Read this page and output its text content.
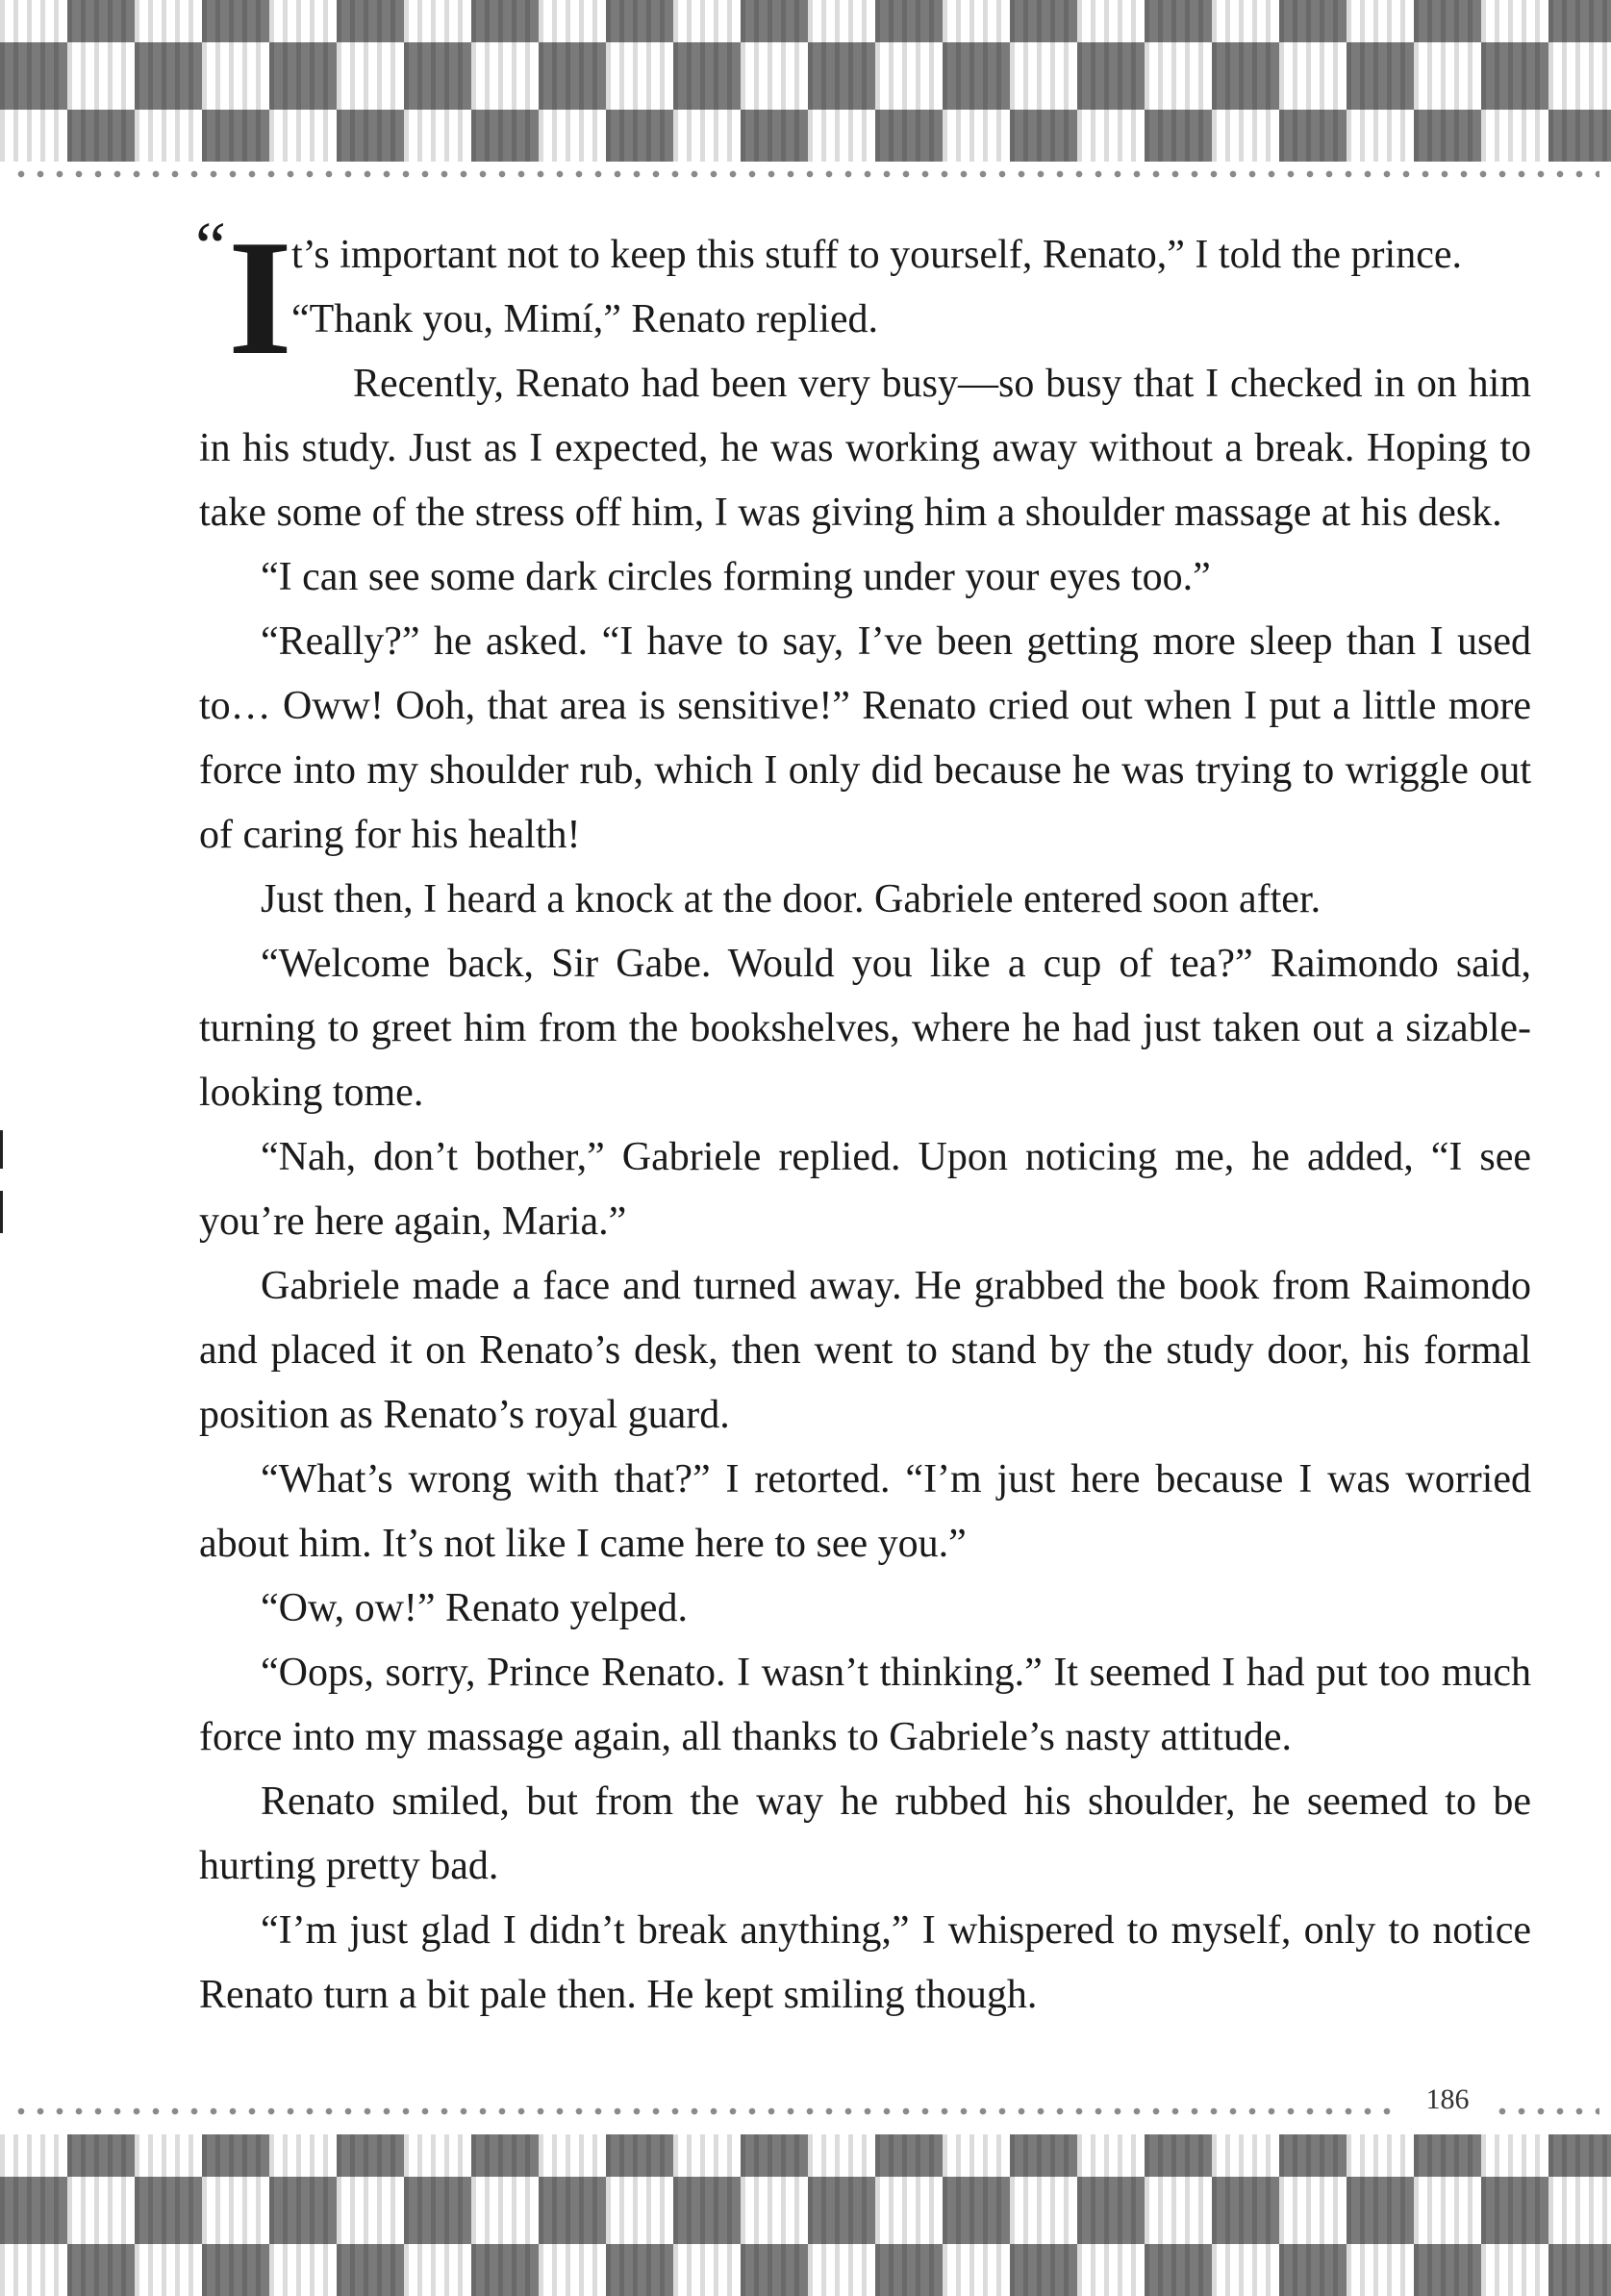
“ I t’s important not to keep this stuff to yourself, Renato,” I told the prince.

“Thank you, Mimí,” Renato replied.

Recently, Renato had been very busy—so busy that I checked in on him in his study. Just as I expected, he was working away without a break. Hoping to take some of the stress off him, I was giving him a shoulder massage at his desk.

“I can see some dark circles forming under your eyes too.”

“Really?” he asked. “I have to say, I’ve been getting more sleep than I used to… Oww! Ooh, that area is sensitive!” Renato cried out when I put a little more force into my shoulder rub, which I only did because he was trying to wriggle out of caring for his health!

Just then, I heard a knock at the door. Gabriele entered soon after.

“Welcome back, Sir Gabe. Would you like a cup of tea?” Raimondo said, turning to greet him from the bookshelves, where he had just taken out a sizable-looking tome.

“Nah, don’t bother,” Gabriele replied. Upon noticing me, he added, “I see you’re here again, Maria.”

Gabriele made a face and turned away. He grabbed the book from Raimondo and placed it on Renato’s desk, then went to stand by the study door, his formal position as Renato’s royal guard.

“What’s wrong with that?” I retorted. “I’m just here because I was worried about him. It’s not like I came here to see you.”

“Ow, ow!” Renato yelped.

“Oops, sorry, Prince Renato. I wasn’t thinking.” It seemed I had put too much force into my massage again, all thanks to Gabriele’s nasty attitude.

Renato smiled, but from the way he rubbed his shoulder, he seemed to be hurting pretty bad.

“I’m just glad I didn’t break anything,” I whispered to myself, only to notice Renato turn a bit pale then. He kept smiling though.

186
